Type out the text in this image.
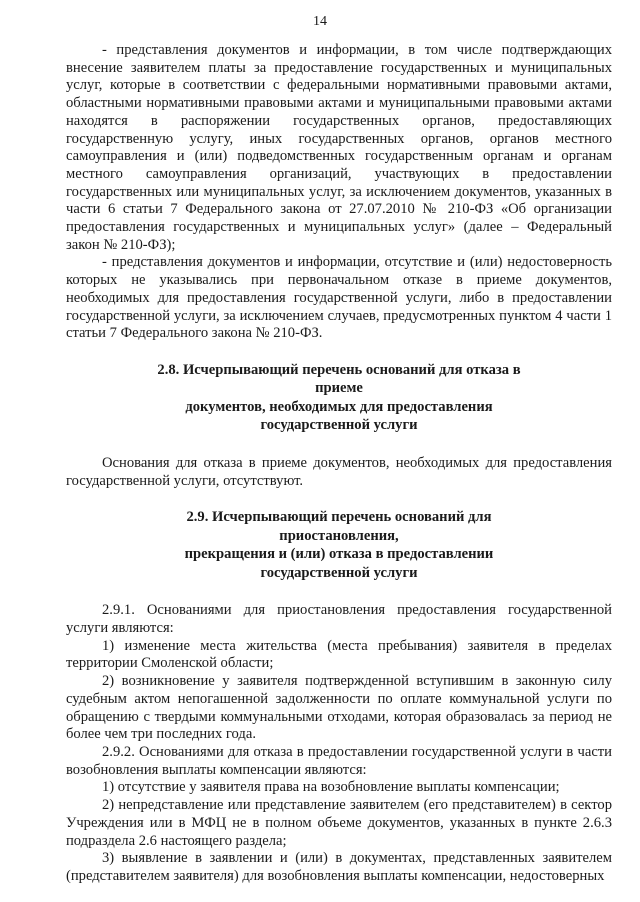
14

- представления документов и информации, в том числе подтверждающих внесение заявителем платы за предоставление государственных и муниципальных услуг, которые в соответствии с федеральными нормативными правовыми актами, областными нормативными правовыми актами и муниципальными правовыми актами находятся в распоряжении государственных органов, предоставляющих государственную услугу, иных государственных органов, органов местного самоуправления и (или) подведомственных государственным органам и органам местного самоуправления организаций, участвующих в предоставлении государственных или муниципальных услуг, за исключением документов, указанных в части 6 статьи 7 Федерального закона от 27.07.2010 № 210-ФЗ «Об организации предоставления государственных и муниципальных услуг» (далее – Федеральный закон № 210-ФЗ);

- представления документов и информации, отсутствие и (или) недостоверность которых не указывались при первоначальном отказе в приеме документов, необходимых для предоставления государственной услуги, либо в предоставлении государственной услуги, за исключением случаев, предусмотренных пунктом 4 части 1 статьи 7 Федерального закона № 210-ФЗ.

2.8. Исчерпывающий перечень оснований для отказа в
приеме
документов, необходимых для предоставления
государственной услуги

Основания для отказа в приеме документов, необходимых для предоставления государственной услуги, отсутствуют.

2.9. Исчерпывающий перечень оснований для
приостановления,
прекращения и (или) отказа в предоставлении
государственной услуги

2.9.1. Основаниями для приостановления предоставления государственной услуги являются:

1) изменение места жительства (места пребывания) заявителя в пределах территории Смоленской области;

2) возникновение у заявителя подтвержденной вступившим в законную силу судебным актом непогашенной задолженности по оплате коммунальной услуги по обращению с твердыми коммунальными отходами, которая образовалась за период не более чем три последних года.

2.9.2. Основаниями для отказа в предоставлении государственной услуги в части возобновления выплаты компенсации являются:

1) отсутствие у заявителя права на возобновление выплаты компенсации;

2) непредставление или представление заявителем (его представителем) в сектор Учреждения или в МФЦ не в полном объеме документов, указанных в пункте 2.6.3 подраздела 2.6 настоящего раздела;

3) выявление в заявлении и (или) в документах, представленных заявителем (представителем заявителя) для возобновления выплаты компенсации, недостоверных
